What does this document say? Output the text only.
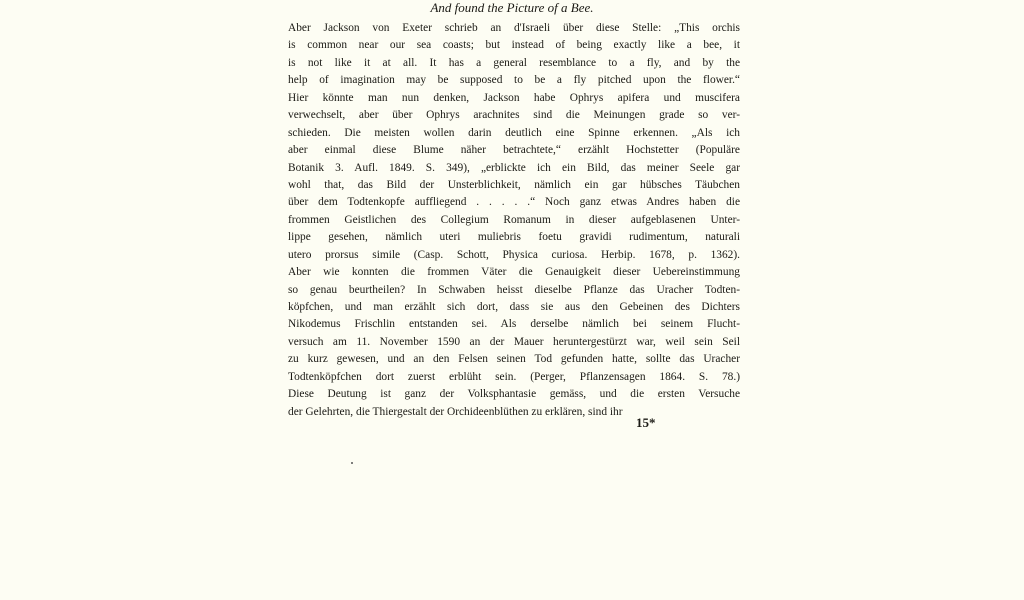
And found the Picture of a Bee.
Aber Jackson von Exeter schrieb an d'Israeli über diese Stelle: „This orchis
is common near our sea coasts; but instead of being exactly like a bee, it
is not like it at all. It has a general resemblance to a fly, and by the
help of imagination may be supposed to be a fly pitched upon the flower.“
Hier könnte man nun denken, Jackson habe Ophrys apifera und muscifera
verwechselt, aber über Ophrys arachnites sind die Meinungen grade so ver-
schieden. Die meisten wollen darin deutlich eine Spinne erkennen. „Als ich
aber einmal diese Blume näher betrachtete,“ erzählt Hochstetter (Populäre
Botanik 3. Aufl. 1849. S. 349), „erblickte ich ein Bild, das meiner Seele gar
wohl that, das Bild der Unsterblichkeit, nämlich ein gar hübsches Täubchen
über dem Todtenkopfe auffliegend . . . . .“ Noch ganz etwas Andres haben die
frommen Geistlichen des Collegium Romanum in dieser aufgeblasenen Unter-
lippe gesehen, nämlich uteri muliebris foetu gravidi rudimentum, naturali
utero prorsus simile (Casp. Schott, Physica curiosa. Herbip. 1678, p. 1362).
Aber wie konnten die frommen Väter die Genauigkeit dieser Uebereinstimmung
so genau beurtheilen? In Schwaben heisst dieselbe Pflanze das Uracher Todten-
köpfchen, und man erzählt sich dort, dass sie aus den Gebeinen des Dichters
Nikodemus Frischlin entstanden sei. Als derselbe nämlich bei seinem Flucht-
versuch am 11. November 1590 an der Mauer heruntergestürzt war, weil sein Seil
zu kurz gewesen, und an den Felsen seinen Tod gefunden hatte, sollte das Uracher
Todtenköpfchen dort zuerst erblüht sein. (Perger, Pflanzensagen 1864. S. 78.)
Diese Deutung ist ganz der Volksphantasie gemäss, und die ersten Versuche
der Gelehrten, die Thiergestalt der Orchideenblüthen zu erklären, sind ihr
15*
